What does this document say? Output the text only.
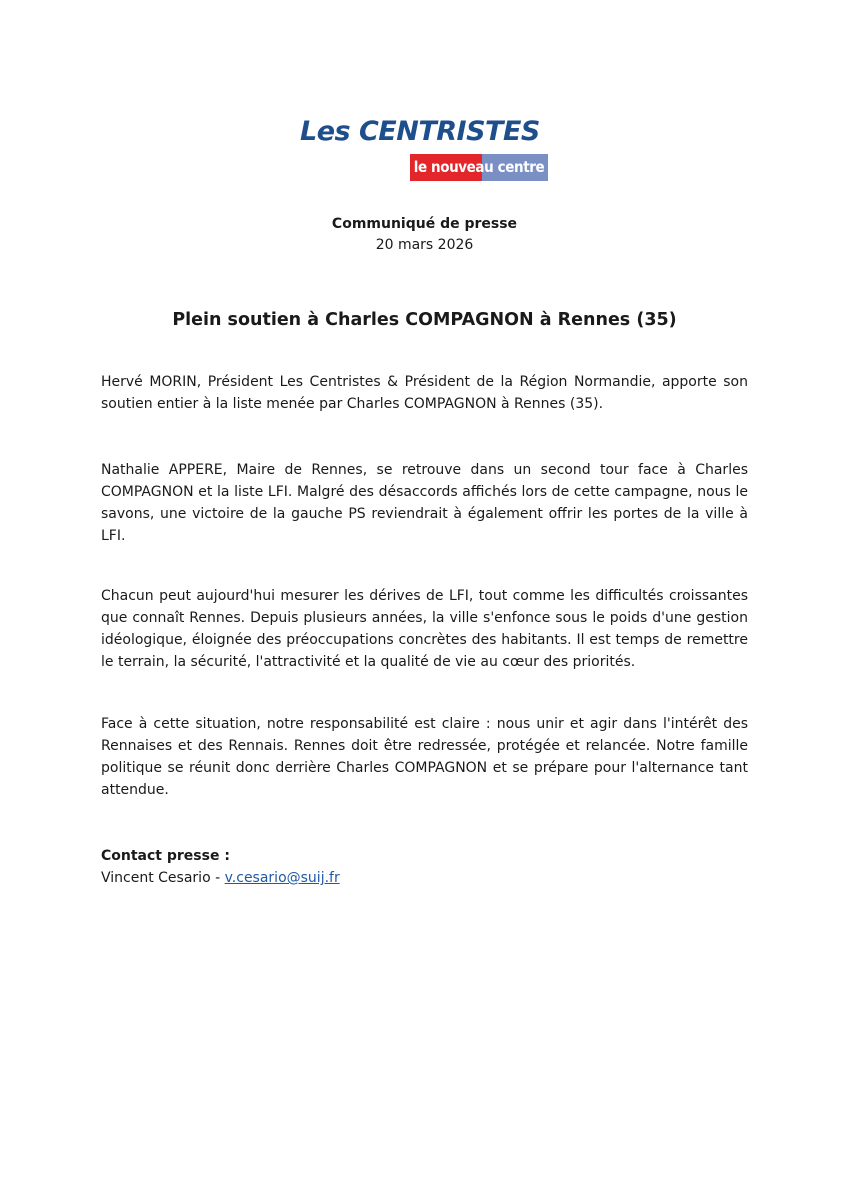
Les CENTRISTES
le nouveau centre
Communiqué de presse
20 mars 2026
Plein soutien à Charles COMPAGNON à Rennes (35)

Hervé MORIN, Président Les Centristes & Président de la Région Normandie, apporte son soutien entier à la liste menée par Charles COMPAGNON à Rennes (35).

Nathalie APPERE, Maire de Rennes, se retrouve dans un second tour face à Charles COMPAGNON et la liste LFI. Malgré des désaccords affichés lors de cette campagne, nous le savons, une victoire de la gauche PS reviendrait à également offrir les portes de la ville à LFI.

Chacun peut aujourd'hui mesurer les dérives de LFI, tout comme les difficultés croissantes que connaît Rennes. Depuis plusieurs années, la ville s'enfonce sous le poids d'une gestion idéologique, éloignée des préoccupations concrètes des habitants. Il est temps de remettre le terrain, la sécurité, l'attractivité et la qualité de vie au cœur des priorités.

Face à cette situation, notre responsabilité est claire : nous unir et agir dans l'intérêt des Rennaises et des Rennais. Rennes doit être redressée, protégée et relancée. Notre famille politique se réunit donc derrière Charles COMPAGNON et se prépare pour l'alternance tant attendue.

Contact presse :
Vincent Cesario - v.cesario@suij.fr
